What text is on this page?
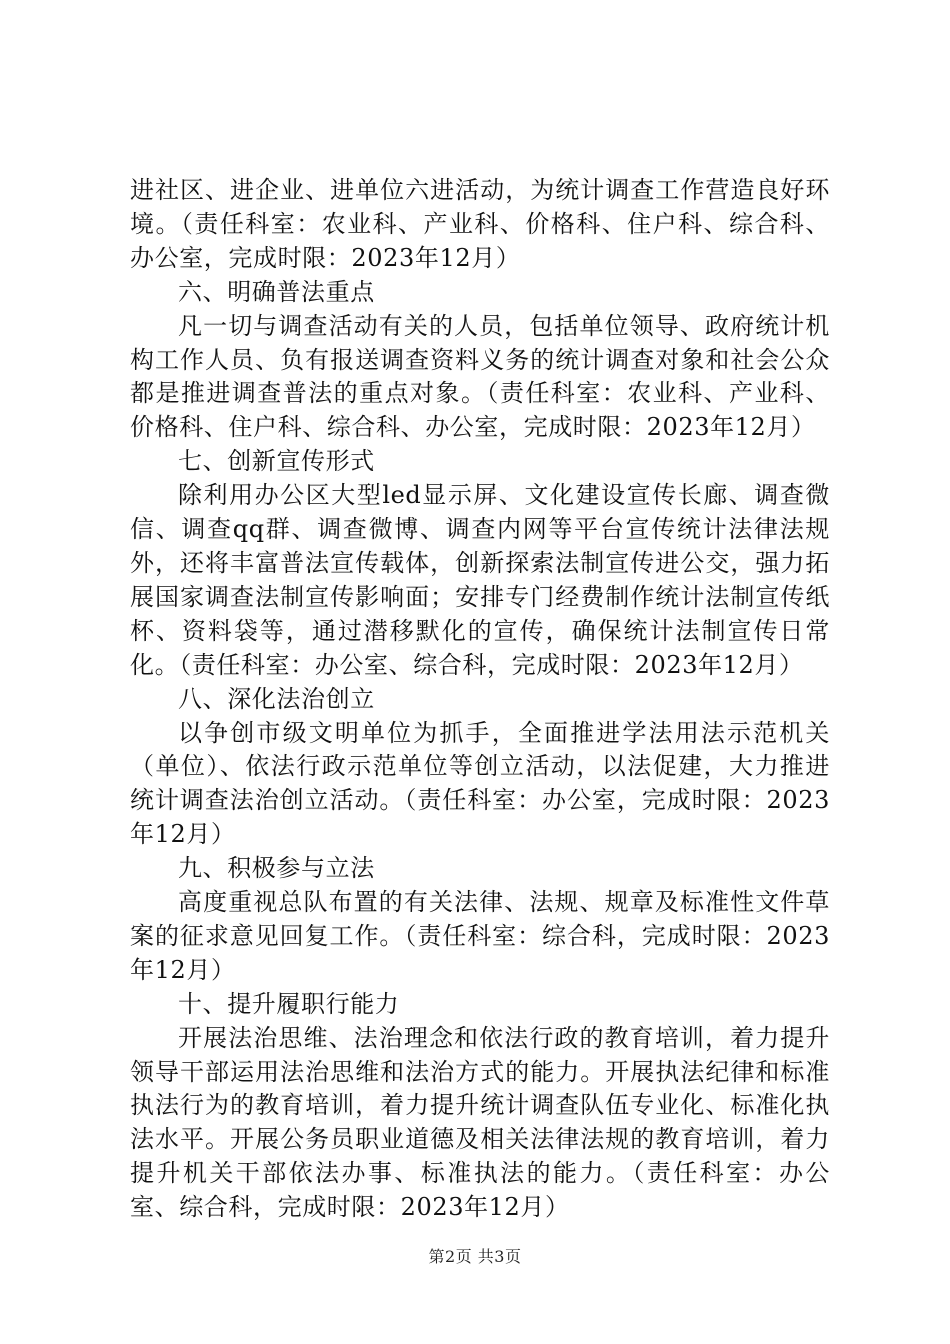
进社区、进企业、进单位六进活动，为统计调查工作营造良好环境。（责任科室：农业科、产业科、价格科、住户科、综合科、办公室，完成时限：2023年12月）

六、明确普法重点

凡一切与调查活动有关的人员，包括单位领导、政府统计机构工作人员、负有报送调查资料义务的统计调查对象和社会公众都是推进调查普法的重点对象。（责任科室：农业科、产业科、价格科、住户科、综合科、办公室，完成时限：2023年12月）

七、创新宣传形式

除利用办公区大型led显示屏、文化建设宣传长廊、调查微信、调查qq群、调查微博、调查内网等平台宣传统计法律法规外，还将丰富普法宣传载体，创新探索法制宣传进公交，强力拓展国家调查法制宣传影响面；安排专门经费制作统计法制宣传纸杯、资料袋等，通过潜移默化的宣传，确保统计法制宣传日常化。（责任科室：办公室、综合科，完成时限：2023年12月）

八、深化法治创立

以争创市级文明单位为抓手，全面推进学法用法示范机关（单位）、依法行政示范单位等创立活动，以法促建，大力推进统计调查法治创立活动。（责任科室：办公室，完成时限：2023年12月）

九、积极参与立法

高度重视总队布置的有关法律、法规、规章及标准性文件草案的征求意见回复工作。（责任科室：综合科，完成时限：2023年12月）

十、提升履职行能力

开展法治思维、法治理念和依法行政的教育培训，着力提升领导干部运用法治思维和法治方式的能力。开展执法纪律和标准执法行为的教育培训，着力提升统计调查队伍专业化、标准化执法水平。开展公务员职业道德及相关法律法规的教育培训，着力提升机关干部依法办事、标准执法的能力。（责任科室：办公室、综合科，完成时限：2023年12月）

第2页 共3页
